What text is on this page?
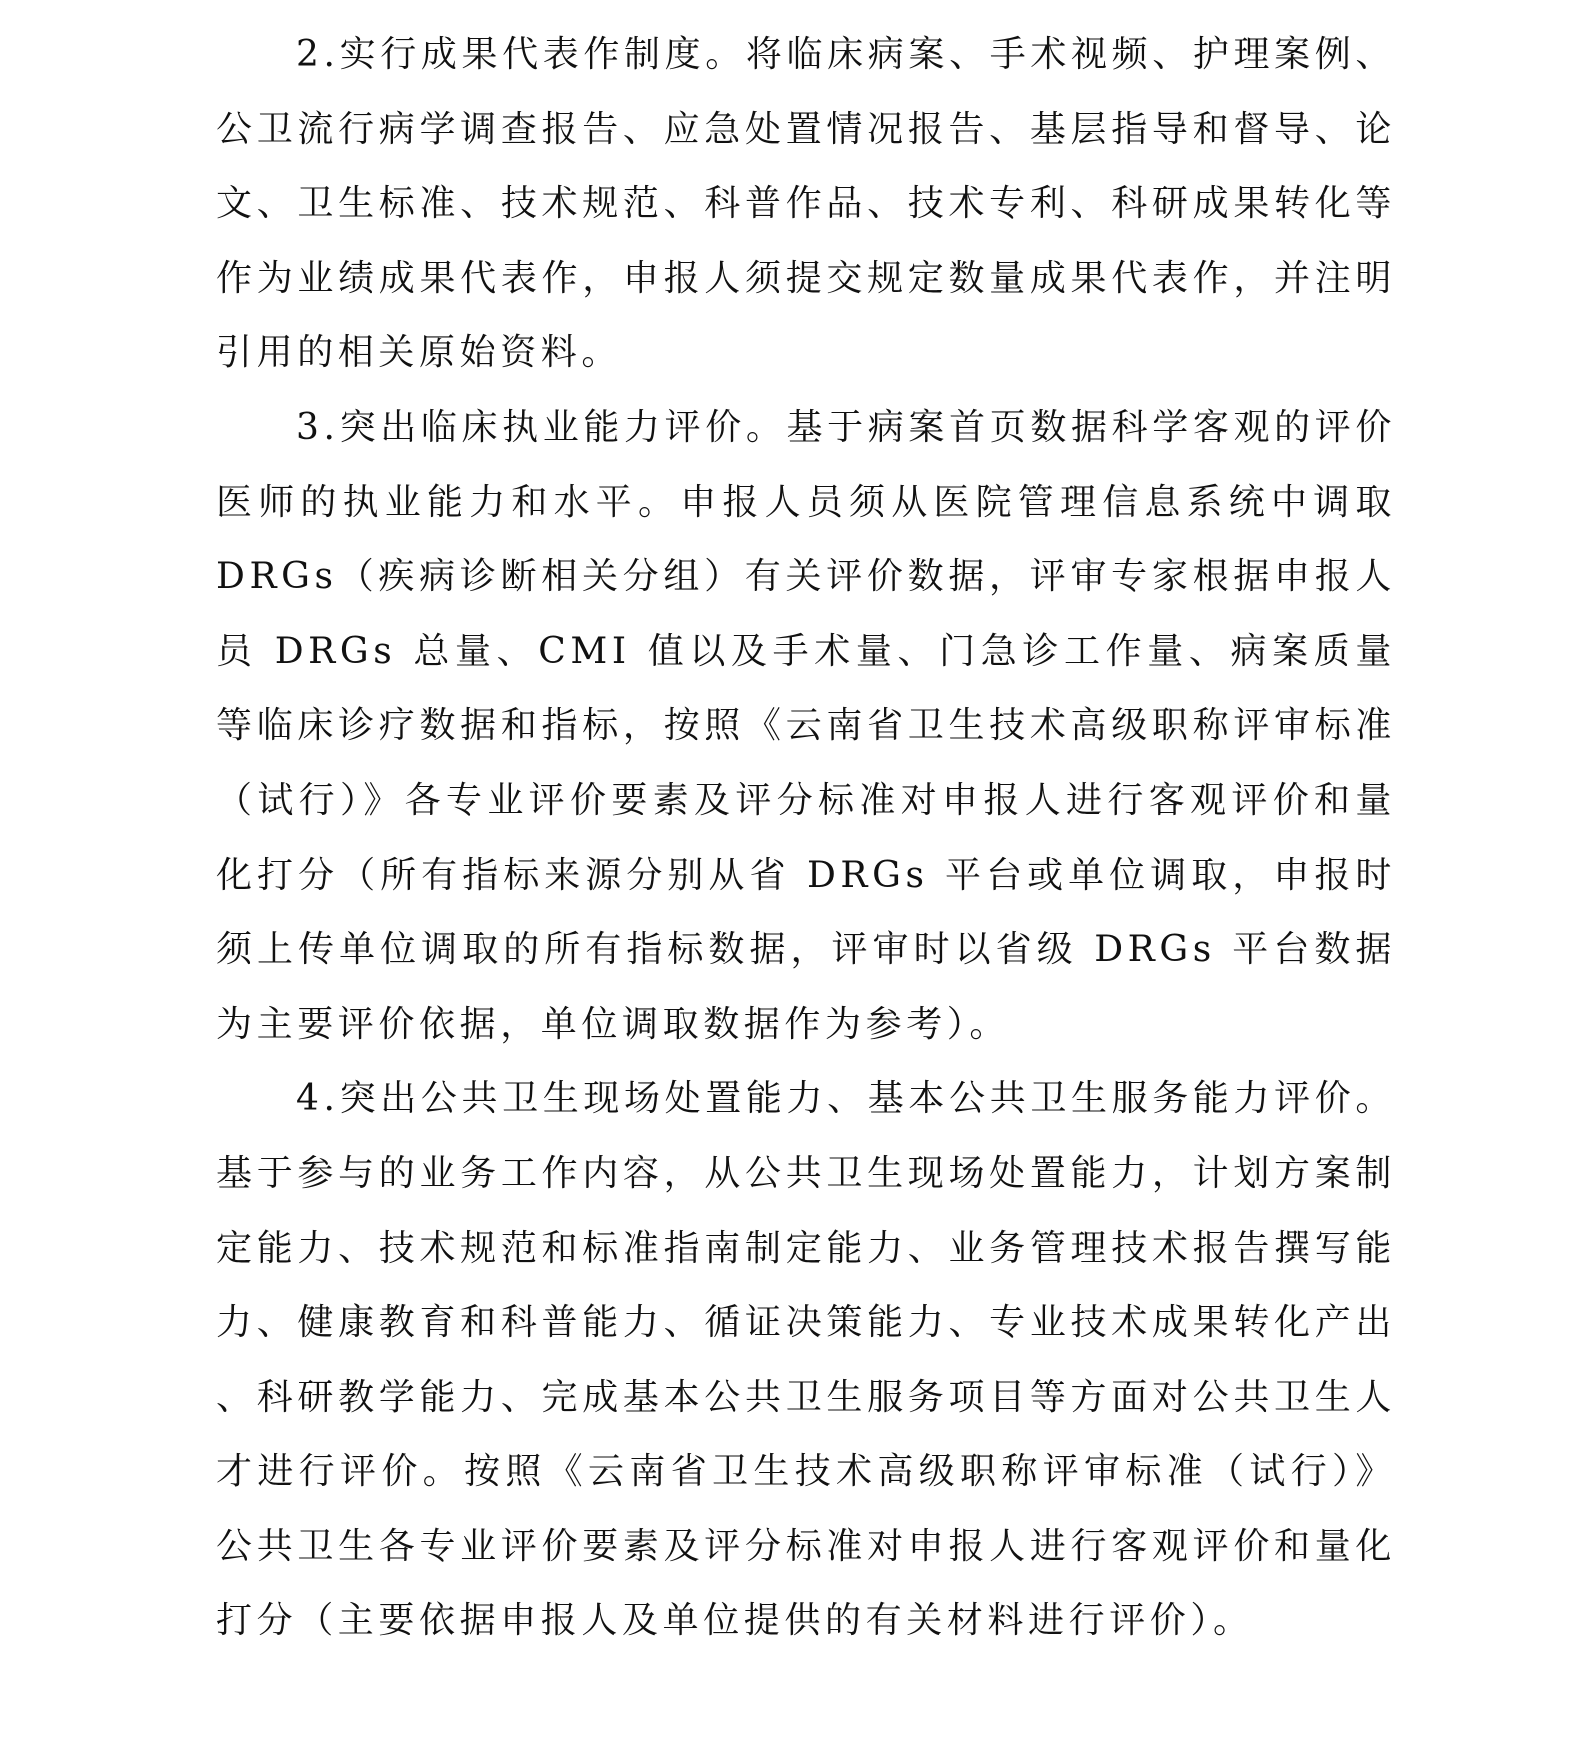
2.实行成果代表作制度。将临床病案、手术视频、护理案例、公卫流行病学调查报告、应急处置情况报告、基层指导和督导、论文、卫生标准、技术规范、科普作品、技术专利、科研成果转化等作为业绩成果代表作，申报人须提交规定数量成果代表作，并注明引用的相关原始资料。

3.突出临床执业能力评价。基于病案首页数据科学客观的评价医师的执业能力和水平。申报人员须从医院管理信息系统中调取 DRGs（疾病诊断相关分组）有关评价数据，评审专家根据申报人员 DRGs 总量、CMI 值以及手术量、门急诊工作量、病案质量等临床诊疗数据和指标，按照《云南省卫生技术高级职称评审标准（试行）》各专业评价要素及评分标准对申报人进行客观评价和量化打分（所有指标来源分别从省 DRGs 平台或单位调取，申报时须上传单位调取的所有指标数据，评审时以省级 DRGs 平台数据为主要评价依据，单位调取数据作为参考）。

4.突出公共卫生现场处置能力、基本公共卫生服务能力评价。基于参与的业务工作内容，从公共卫生现场处置能力，计划方案制定能力、技术规范和标准指南制定能力、业务管理技术报告撰写能力、健康教育和科普能力、循证决策能力、专业技术成果转化产出、科研教学能力、完成基本公共卫生服务项目等方面对公共卫生人才进行评价。按照《云南省卫生技术高级职称评审标准（试行）》公共卫生各专业评价要素及评分标准对申报人进行客观评价和量化打分（主要依据申报人及单位提供的有关材料进行评价）。
